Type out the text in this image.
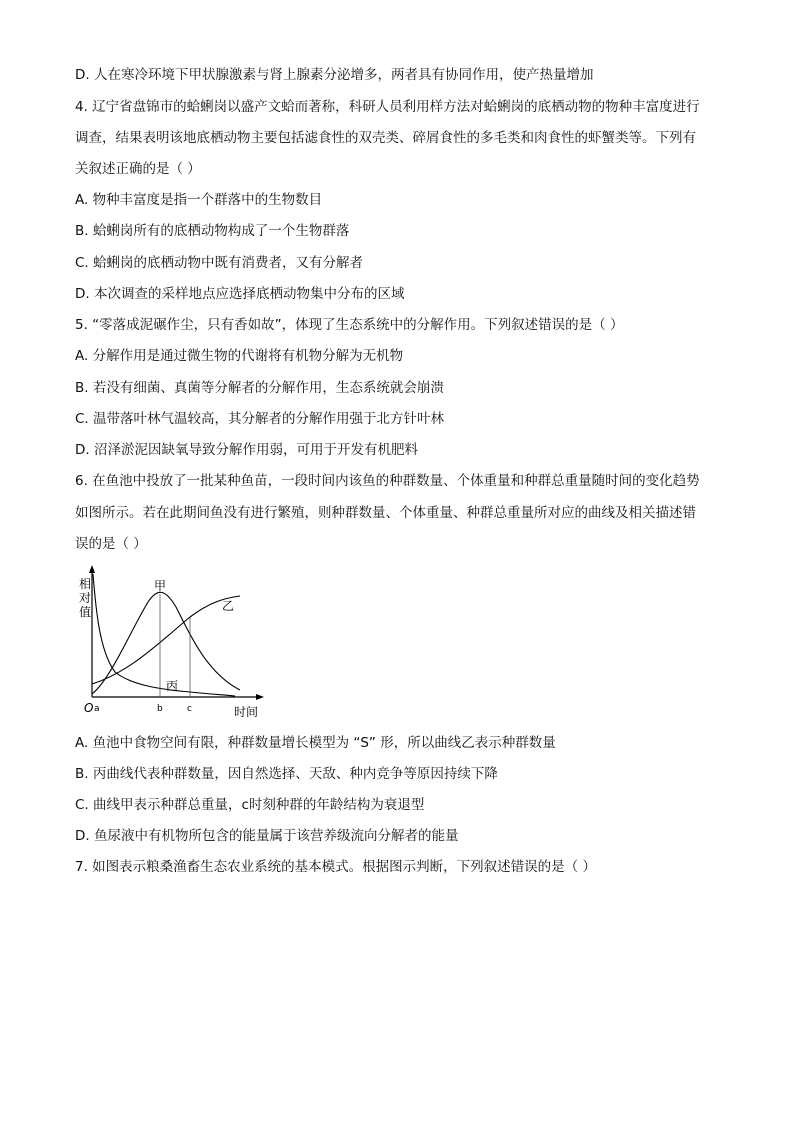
D. 人在寒冷环境下甲状腺激素与肾上腺素分泌增多，两者具有协同作用，使产热量增加
4. 辽宁省盘锦市的蛤蜊岗以盛产文蛤而著称，科研人员利用样方法对蛤蜊岗的底栖动物的物种丰富度进行
调查，结果表明该地底栖动物主要包括滤食性的双壳类、碎屑食性的多毛类和肉食性的虾蟹类等。下列有
关叙述正确的是（ ）
A. 物种丰富度是指一个群落中的生物数目
B. 蛤蜊岗所有的底栖动物构成了一个生物群落
C. 蛤蜊岗的底栖动物中既有消费者，又有分解者
D. 本次调查的采样地点应选择底栖动物集中分布的区域
5. “零落成泥碾作尘，只有香如故”，体现了生态系统中的分解作用。下列叙述错误的是（ ）
A. 分解作用是通过微生物的代谢将有机物分解为无机物
B. 若没有细菌、真菌等分解者的分解作用，生态系统就会崩溃
C. 温带落叶林气温较高，其分解者的分解作用强于北方针叶林
D. 沼泽淤泥因缺氧导致分解作用弱，可用于开发有机肥料
6. 在鱼池中投放了一批某种鱼苗，一段时间内该鱼的种群数量、个体重量和种群总重量随时间的变化趋势
如图所示。若在此期间鱼没有进行繁殖，则种群数量、个体重量、种群总重量所对应的曲线及相关描述错
误的是（ ）
相
对
值
甲
乙
丙
O a	b	c	时间
A. 鱼池中食物空间有限，种群数量增长模型为 “S” 形，所以曲线乙表示种群数量
B. 丙曲线代表种群数量，因自然选择、天敌、种内竞争等原因持续下降
C. 曲线甲表示种群总重量，c时刻种群的年龄结构为衰退型
D. 鱼尿液中有机物所包含的能量属于该营养级流向分解者的能量
7. 如图表示粮桑渔畜生态农业系统的基本模式。根据图示判断，下列叙述错误的是（ ）
